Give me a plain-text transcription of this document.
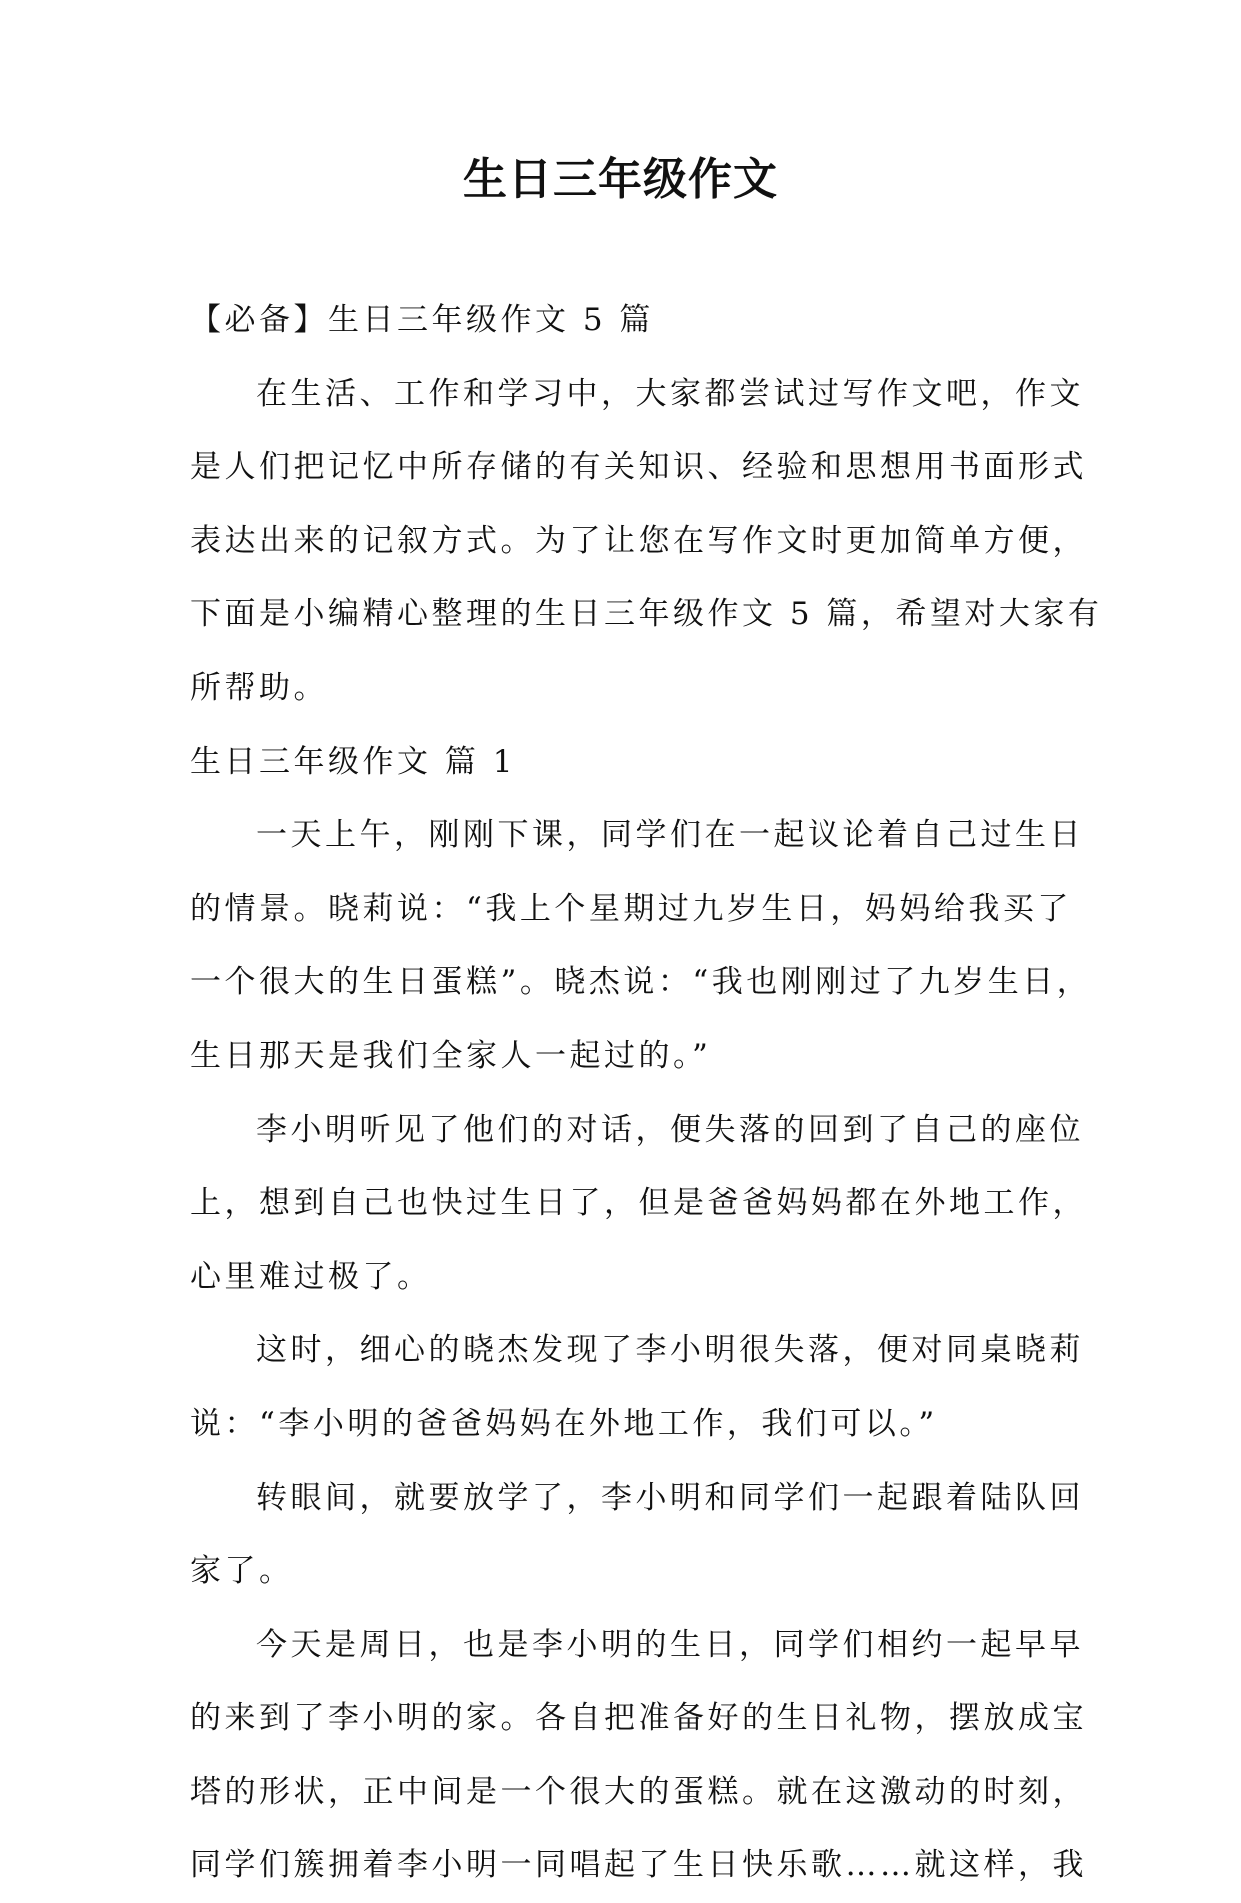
生日三年级作文

【必备】生日三年级作文 5 篇

在生活、工作和学习中，大家都尝试过写作文吧，作文

是人们把记忆中所存储的有关知识、经验和思想用书面形式

表达出来的记叙方式。为了让您在写作文时更加简单方便，

下面是小编精心整理的生日三年级作文 5 篇，希望对大家有

所帮助。

生日三年级作文 篇 1

一天上午，刚刚下课，同学们在一起议论着自己过生日

的情景。晓莉说：“我上个星期过九岁生日，妈妈给我买了

一个很大的生日蛋糕”。晓杰说：“我也刚刚过了九岁生日，

生日那天是我们全家人一起过的。”

李小明听见了他们的对话，便失落的回到了自己的座位

上，想到自己也快过生日了，但是爸爸妈妈都在外地工作，

心里难过极了。

这时，细心的晓杰发现了李小明很失落，便对同桌晓莉

说：“李小明的爸爸妈妈在外地工作，我们可以。”

转眼间，就要放学了，李小明和同学们一起跟着陆队回

家了。

今天是周日，也是李小明的生日，同学们相约一起早早

的来到了李小明的家。各自把准备好的生日礼物，摆放成宝

塔的形状，正中间是一个很大的蛋糕。就在这激动的时刻，

同学们簇拥着李小明一同唱起了生日快乐歌……就这样，我
